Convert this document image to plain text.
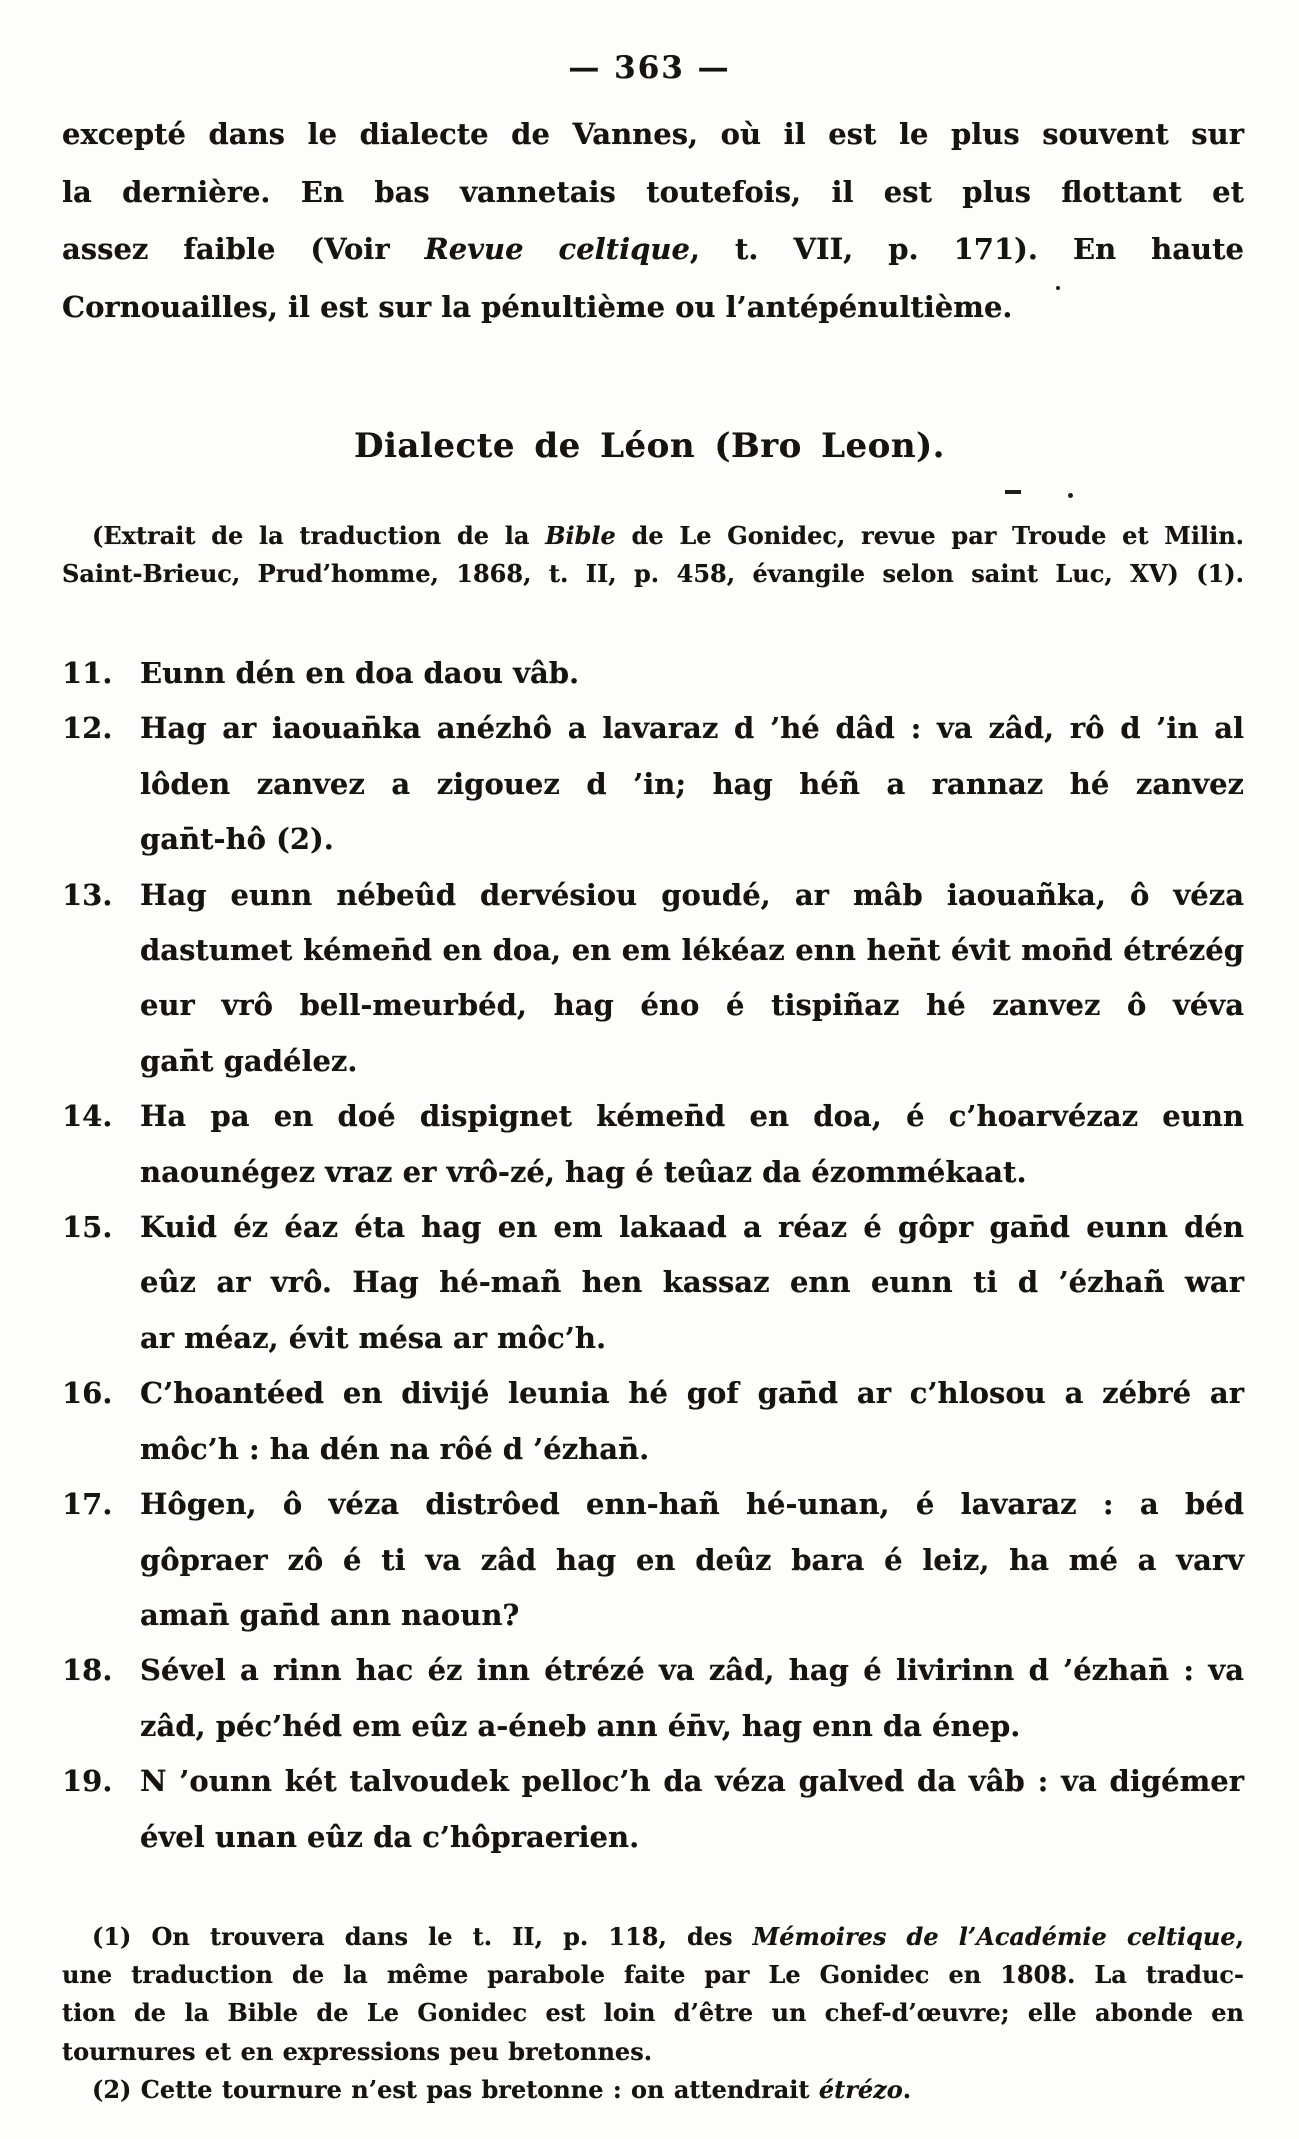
— 363 —
excepté dans le dialecte de Vannes, où il est le plus souvent sur
la dernière. En bas vannetais toutefois, il est plus flottant et
assez faible (Voir Revue celtique, t. VII, p. 171). En haute
Cornouailles, il est sur la pénultième ou l’antépénultième.
Dialecte de Léon (Bro Leon).
(Extrait de la traduction de la Bible de Le Gonidec, revue par Troude et Milin.
Saint-Brieuc, Prud’homme, 1868, t. II, p. 458, évangile selon saint Luc, XV) (1).
11. Eunn dén en doa daou vâb.
12. Hag ar iaouan̄ka anézhô a lavaraz d ’hé dâd : va zâd, rô d ’in al
lôden zanvez a zigouez d ’in; hag héñ a rannaz hé zanvez
gan̄t-hô (2).
13. Hag eunn nébeûd dervésiou goudé, ar mâb iaouañka, ô véza
dastumet kémen̄d en doa, en em lékéaz enn hen̄t évit mon̄d étrézég
eur vrô bell-meurbéd, hag éno é tispiñaz hé zanvez ô véva
gan̄t gadélez.
14. Ha pa en doé dispignet kémen̄d en doa, é c’hoarvézaz eunn
naounégez vraz er vrô-zé, hag é teûaz da ézommékaat.
15. Kuid éz éaz éta hag en em lakaad a réaz é gôpr gan̄d eunn dén
eûz ar vrô. Hag hé-mañ hen kassaz enn eunn ti d ’ézhañ war
ar méaz, évit mésa ar môc’h.
16. C’hoantéed en divijé leunia hé gof gan̄d ar c’hlosou a zébré ar
môc’h : ha dén na rôé d ’ézhan̄.
17. Hôgen, ô véza distrôed enn-hañ hé-unan, é lavaraz : a béd
gôpraer zô é ti va zâd hag en deûz bara é leiz, ha mé a varv
aman̄ gan̄d ann naoun?
18. Sével a rinn hac éz inn étrézé va zâd, hag é livirinn d ’ézhan̄ : va
zâd, péc’héd em eûz a-éneb ann én̄v, hag enn da énep.
19. N ’ounn két talvoudek pelloc’h da véza galved da vâb : va digémer
ével unan eûz da c’hôpraerien.
(1) On trouvera dans le t. II, p. 118, des Mémoires de l’Académie celtique,
une traduction de la même parabole faite par Le Gonidec en 1808. La traduc-
tion de la Bible de Le Gonidec est loin d’être un chef-d’œuvre; elle abonde en
tournures et en expressions peu bretonnes.
(2) Cette tournure n’est pas bretonne : on attendrait étrézo.
